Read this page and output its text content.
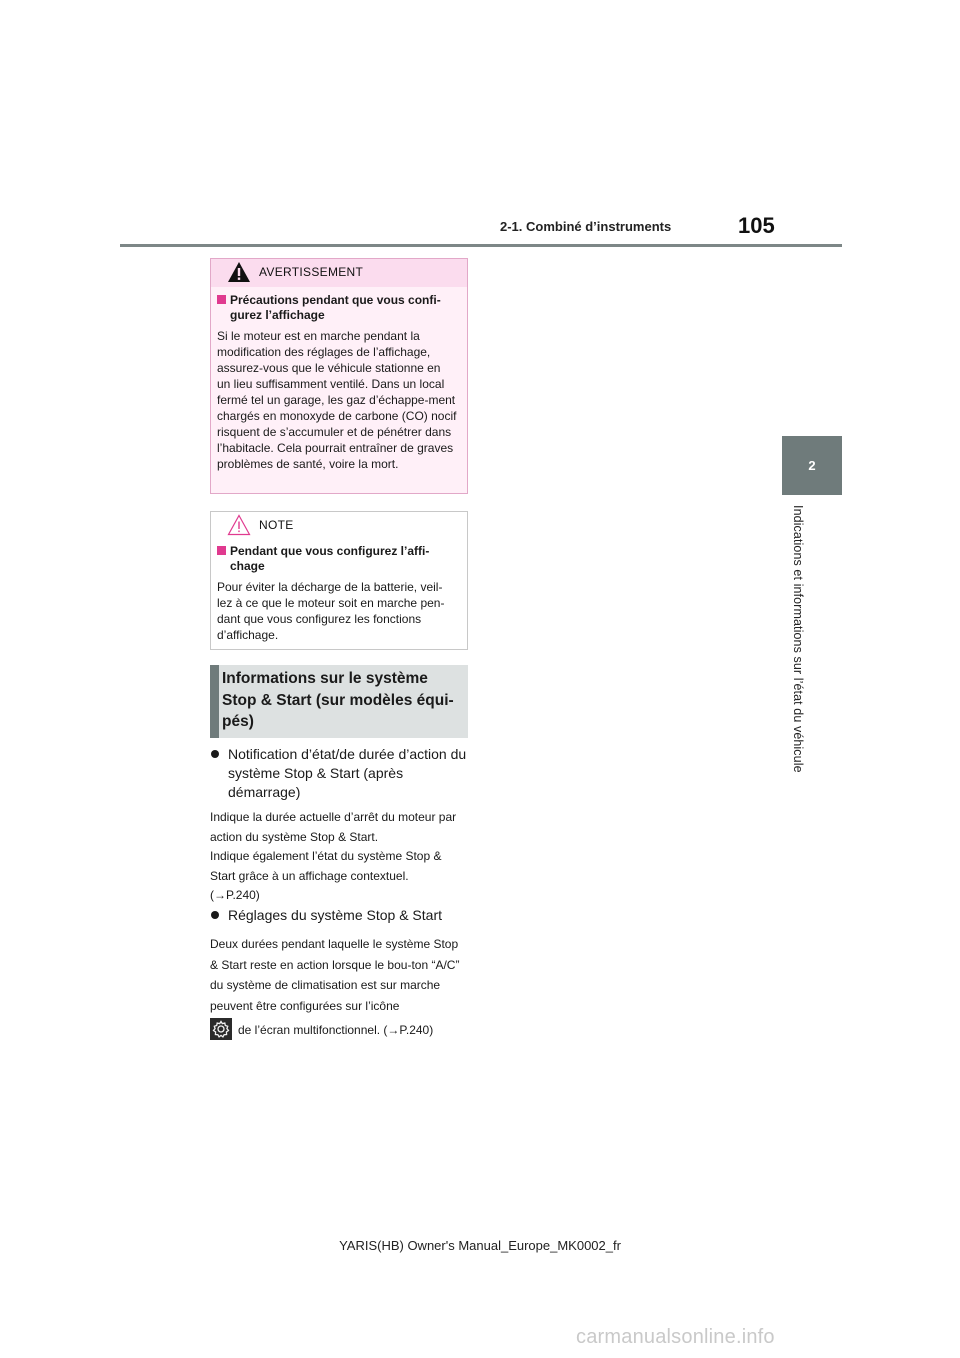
2-1. Combiné d’instruments	105
2
Indications et informations sur l’état du véhicule
AVERTISSEMENT
Précautions pendant que vous confi-gurez l’affichage
Si le moteur est en marche pendant la modification des réglages de l’affichage, assurez-vous que le véhicule stationne en un lieu suffisamment ventilé. Dans un local fermé tel un garage, les gaz d’échappe-ment chargés en monoxyde de carbone (CO) nocif risquent de s’accumuler et de pénétrer dans l’habitacle. Cela pourrait entraîner de graves problèmes de santé, voire la mort.
NOTE
Pendant que vous configurez l’affi-chage
Pour éviter la décharge de la batterie, veil-lez à ce que le moteur soit en marche pen-dant que vous configurez les fonctions d’affichage.
Informations sur le système Stop & Start (sur modèles équi-pés)
Notification d’état/de durée d’action du système Stop & Start (après démarrage)
Indique la durée actuelle d’arrêt du moteur par action du système Stop & Start.
Indique également l’état du système Stop & Start grâce à un affichage contextuel.
(→P.240)
Réglages du système Stop & Start
Deux durées pendant laquelle le système Stop & Start reste en action lorsque le bou-ton “A/C” du système de climatisation est sur marche peuvent être configurées sur l’icône
de l’écran multifonctionnel. (→P.240)
YARIS(HB) Owner's Manual_Europe_MK0002_fr
carmanualsonline.info
